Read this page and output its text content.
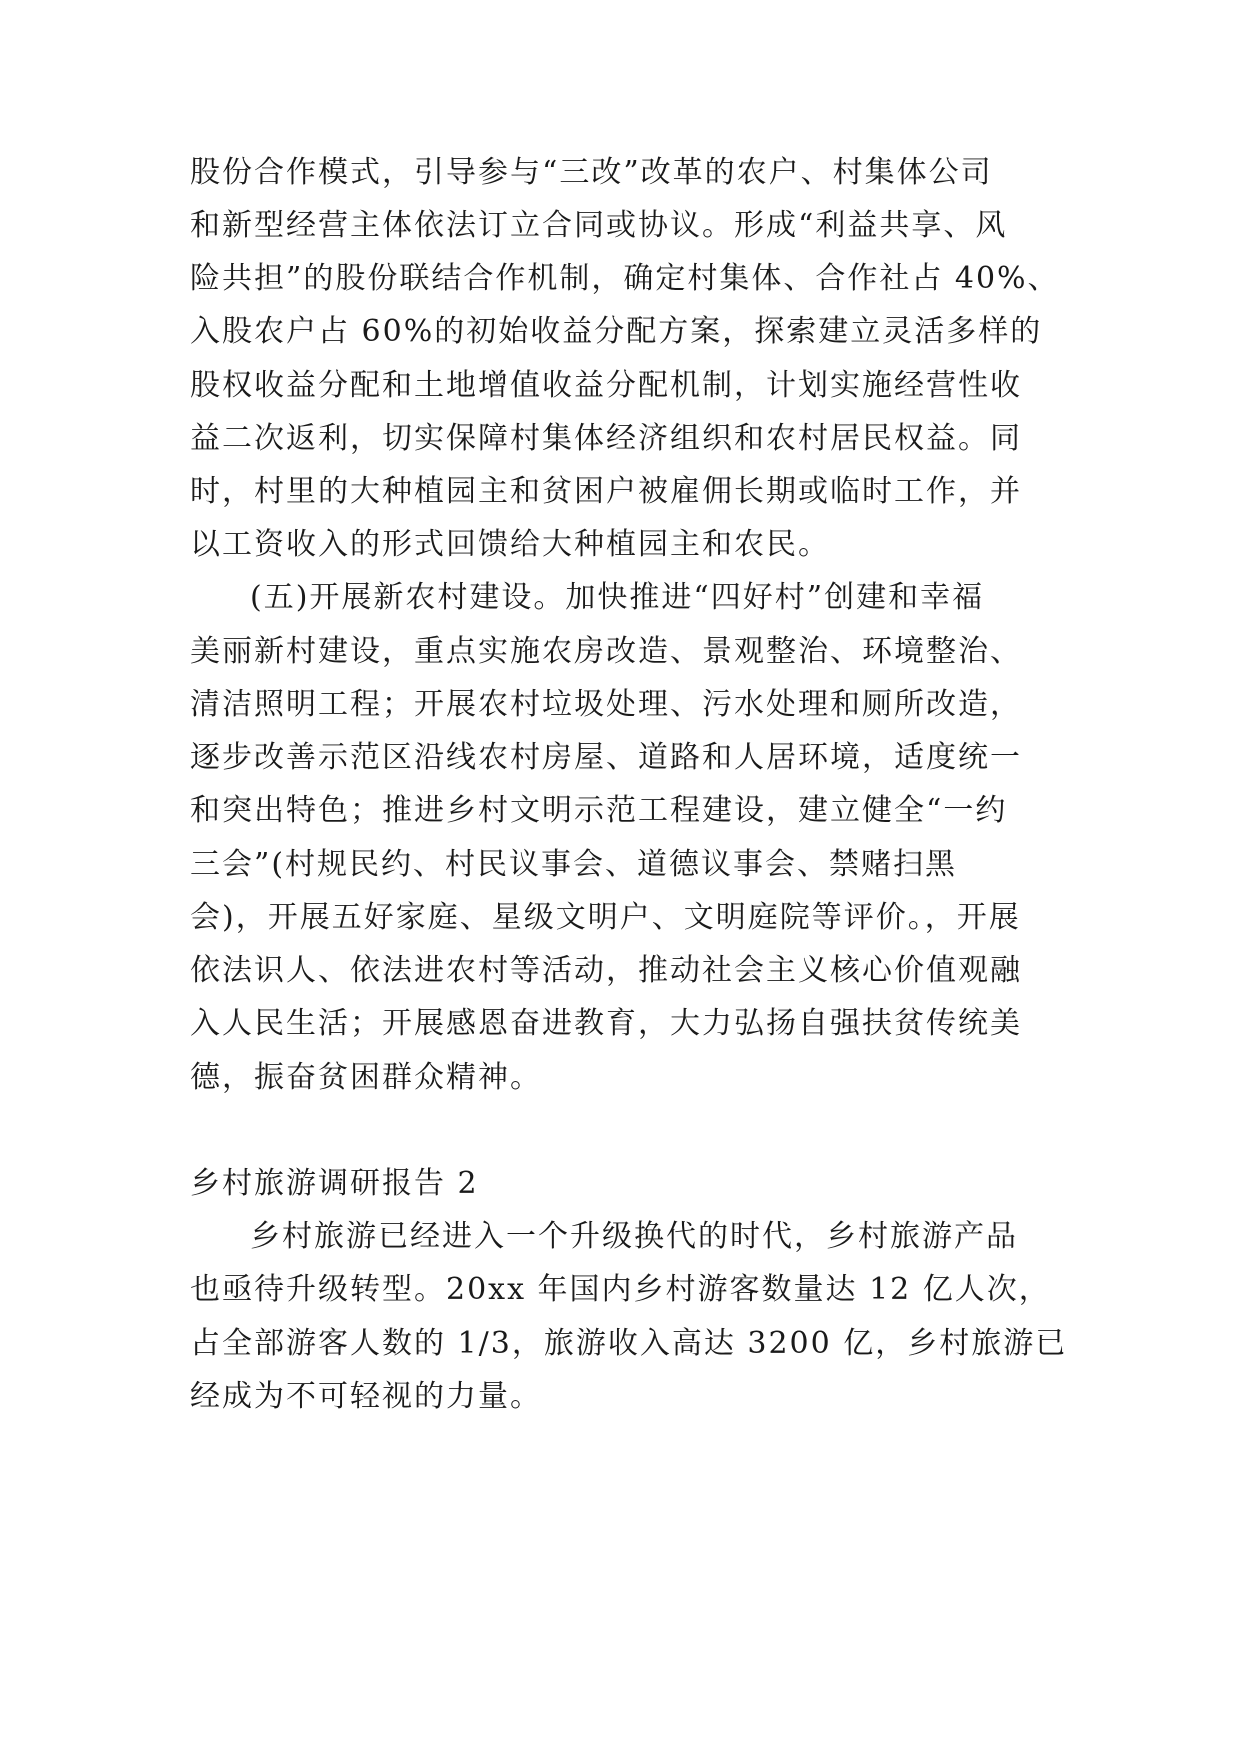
股份合作模式，引导参与“三改”改革的农户、村集体公司
和新型经营主体依法订立合同或协议。形成“利益共享、风
险共担”的股份联结合作机制，确定村集体、合作社占 40%、
入股农户占 60%的初始收益分配方案，探索建立灵活多样的
股权收益分配和土地增值收益分配机制，计划实施经营性收
益二次返利，切实保障村集体经济组织和农村居民权益。同
时，村里的大种植园主和贫困户被雇佣长期或临时工作，并
以工资收入的形式回馈给大种植园主和农民。
(五)开展新农村建设。加快推进“四好村”创建和幸福
美丽新村建设，重点实施农房改造、景观整治、环境整治、
清洁照明工程；开展农村垃圾处理、污水处理和厕所改造，
逐步改善示范区沿线农村房屋、道路和人居环境，适度统一
和突出特色；推进乡村文明示范工程建设，建立健全“一约
三会”(村规民约、村民议事会、道德议事会、禁赌扫黑
会)，开展五好家庭、星级文明户、文明庭院等评价。，开展
依法识人、依法进农村等活动，推动社会主义核心价值观融
入人民生活；开展感恩奋进教育，大力弘扬自强扶贫传统美
德，振奋贫困群众精神。
乡村旅游调研报告 2
乡村旅游已经进入一个升级换代的时代，乡村旅游产品
也亟待升级转型。20xx 年国内乡村游客数量达 12 亿人次，
占全部游客人数的 1/3，旅游收入高达 3200 亿，乡村旅游已
经成为不可轻视的力量。
